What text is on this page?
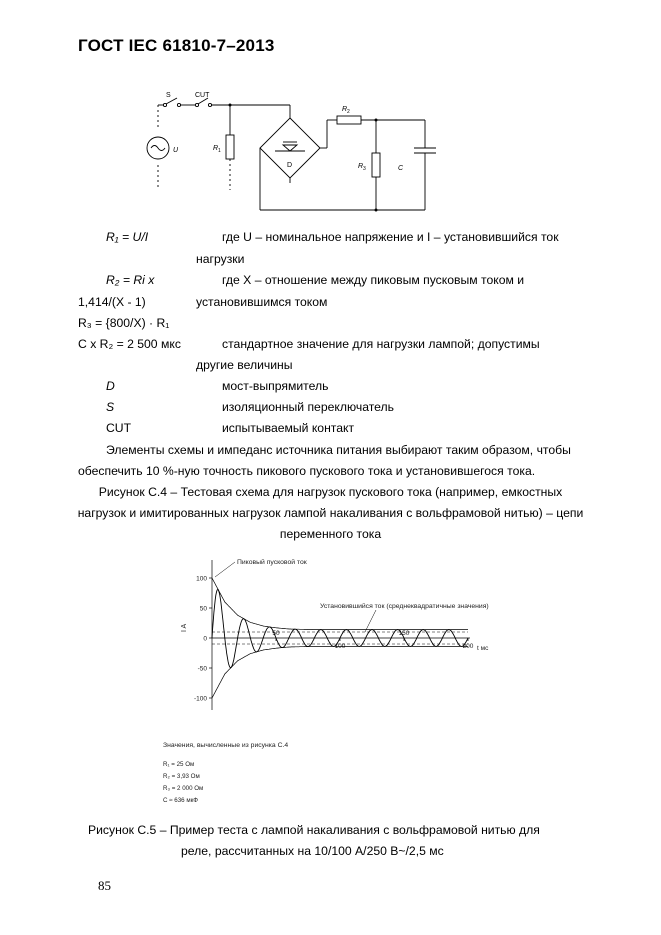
ГОСТ IEC 61810-7–2013
S	CUT
U	R 1
R 2
R 3
D	C
R₁ = U/I	где U – номинальное напряжение и I – установившийся ток
нагрузки
R₂ = Ri x	где X – отношение между пиковым пусковым током и
1,414/(X - 1)	установившимся током
R₃ = {800/X) · R₁
C x R₂ = 2 500 мкс	стандартное значение для нагрузки лампой; допустимы
другие величины
D	мост-выпрямитель
S	изоляционный переключатель
CUT	испытываемый контакт
Элементы схемы и импеданс источника питания выбирают таким образом, чтобы
обеспечить 10 %-ную точность пикового пускового тока и установившегося тока.
Рисунок С.4 – Тестовая схема для нагрузок пускового тока (например, емкостных
нагрузок и имитированных нагрузок лампой накаливания с вольфрамовой нитью) – цепи
переменного тока
100
50
0
-50
-100
50
100
150
200
Пиковый пусковой ток
Установившийся ток (среднеквадратичные значения)
I A
t мс
Значения, вычисленные из рисунка С.4
R₁ = 25 Ом
R₂ = 3,93 Ом
R₃ = 2 000 Ом
C ≈ 636 мкФ
Рисунок С.5 – Пример теста с лампой накаливания с вольфрамовой нитью для
реле, рассчитанных на 10/100 A/250 B~/2,5 мс
85
